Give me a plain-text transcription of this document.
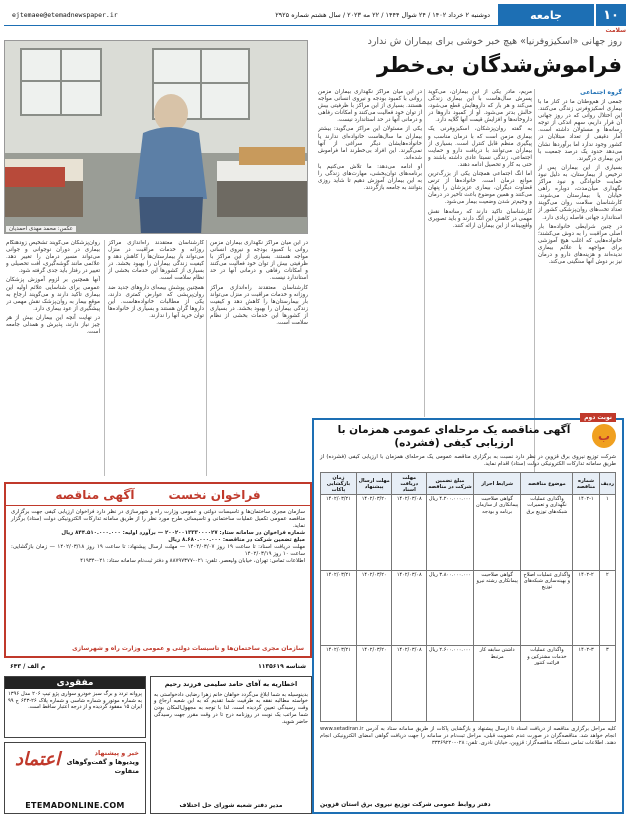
۱۰
جامعه
دوشنبه ۲ خرداد ۱۴۰۲ / ۲۴ شوال ۱۴۴۴ / ۲۲ مه ۲۰۲۳ / سال هشتم شماره ۲۹۲۵
ejtemaee@etemadnewspaper.ir
سلامت
روز جهانی «اسکیزوفرنیا» هیچ خبر خوشی برای بیماران ش ندارد
فراموش‌شدگان بی‌خطر
گروه اجتماعی

جمعی از هم‌وطنان ما در کنار ما با بیماری اسکیزوفرنی زندگی می‌کنند. این اختلال روانی که در روز جهانی آن قرار داریم، سهم اندکی از توجه رسانه‌ها و مسئولان داشته است. آمار دقیقی از تعداد مبتلایان در کشور وجود ندارد اما برآوردها نشان می‌دهد حدود یک درصد جمعیت با این بیماری درگیرند.

بسیاری از این بیماران پس از ترخیص از بیمارستان، به دلیل نبود حمایت خانوادگی و نبود مراکز نگهداری میان‌مدت، دوباره راهی خیابان یا بیمارستان می‌شوند. کارشناسان سلامت روان می‌گویند تعداد تخت‌های روان‌پزشکی کشور از استاندارد جهانی فاصله زیادی دارد.

در چنین شرایطی خانواده‌ها بار اصلی مراقبت را به دوش می‌کشند؛ خانواده‌هایی که اغلب هیچ آموزشی برای مواجهه با علائم بیماری ندیده‌اند و هزینه‌های دارو و درمان نیز بر دوش آنها سنگینی می‌کند.

مریم، مادر یکی از این بیماران، می‌گوید پسرش سال‌هاست با این بیماری زندگی می‌کند و هر بار که داروهایش قطع می‌شود، حالش بدتر می‌شود. او از کمبود داروها در داروخانه‌ها و افزایش قیمت آنها گلایه دارد.

به گفته روان‌پزشکان، اسکیزوفرنی یک بیماری مزمن است که با درمان مناسب و پیگیری منظم قابل کنترل است. بسیاری از بیماران می‌توانند با دریافت دارو و حمایت اجتماعی، زندگی نسبتا عادی داشته باشند و حتی به کار و تحصیل ادامه دهند.

اما انگ اجتماعی همچنان یکی از بزرگ‌ترین موانع درمان است. خانواده‌ها از ترس قضاوت دیگران، بیماری عزیزشان را پنهان می‌کنند و همین موضوع باعث تاخیر در درمان و وخیم‌تر شدن وضعیت بیمار می‌شود.

کارشناسان تاکید دارند که رسانه‌ها نقش مهمی در کاهش این انگ دارند و باید تصویری واقع‌بینانه از این بیماران ارائه کنند.

در این میان مراکز نگهداری بیماران مزمن روانی با کمبود بودجه و نیروی انسانی مواجه هستند. بسیاری از این مراکز با ظرفیتی بیش از توان خود فعالیت می‌کنند و امکانات رفاهی و درمانی آنها در حد استاندارد نیست.

یکی از مسئولان این مراکز می‌گوید: بیشتر بیماران ما سال‌هاست خانواده‌ای ندارند یا خانواده‌هایشان دیگر سراغی از آنها نمی‌گیرند. این افراد بی‌خطرند اما فراموش شده‌اند.

او ادامه می‌دهد: ما تلاش می‌کنیم با برنامه‌های توان‌بخشی، مهارت‌های زندگی را به این بیماران آموزش دهیم تا شاید روزی بتوانند به جامعه بازگردند.

عکس: محمد مهدی احمدیان

کارشناسان معتقدند راه‌اندازی مراکز روزانه و خدمات مراقبت در منزل می‌تواند بار بیمارستان‌ها را کاهش دهد و کیفیت زندگی بیماران را بهبود بخشد. در بسیاری از کشورها این خدمات بخشی از نظام سلامت است.

همچنین پوشش بیمه‌ای داروهای جدید ضد روان‌پریشی که عوارض کمتری دارند، یکی از مطالبات خانواده‌هاست. این داروها گران هستند و بسیاری از خانواده‌ها توان خرید آنها را ندارند.

روان‌پزشکان می‌گویند تشخیص زودهنگام بیماری در دوران نوجوانی و جوانی می‌تواند مسیر درمان را تغییر دهد. علائمی مانند گوشه‌گیری، افت تحصیلی و تغییر در رفتار باید جدی گرفته شود.

آنها همچنین بر لزوم آموزش پزشکان عمومی برای شناسایی علائم اولیه این بیماری تاکید دارند و می‌گویند ارجاع به موقع بیمار به روان‌پزشک نقش مهمی در پیشگیری از عود بیماری دارد.

در نهایت آنچه این بیماران بیش از هر چیز نیاز دارند، پذیرش و همدلی جامعه است.

در این میان مراکز نگهداری بیماران مزمن روانی با کمبود بودجه و نیروی انسانی مواجه هستند. بسیاری از این مراکز با ظرفیتی بیش از توان خود فعالیت می‌کنند و امکانات رفاهی و درمانی آنها در حد استاندارد نیست.

کارشناسان معتقدند راه‌اندازی مراکز روزانه و خدمات مراقبت در منزل می‌تواند بار بیمارستان‌ها را کاهش دهد و کیفیت زندگی بیماران را بهبود بخشد. در بسیاری از کشورها این خدمات بخشی از نظام سلامت است.

نوبت دوم
ب
آگهی مناقصه یک مرحله‌ای عمومی همزمان با ارزیابی کیفی (فشرده)
شرکت توزیع نیروی برق قزوین در نظر دارد نسبت به برگزاری مناقصه عمومی یک مرحله‌ای همزمان با ارزیابی کیفی (فشرده) از طریق سامانه تدارکات الکترونیکی دولت (ستاد) اقدام نماید.
ردیف	شماره مناقصه	موضوع مناقصه	شرایط احراز	مبلغ تضمین شرکت در مناقصه	مهلت دریافت اسناد	مهلت ارسال پیشنهاد	زمان بازگشایی پاکات
۱	۱۴۰۲-۱	واگذاری عملیات نگهداری و تعمیرات شبکه‌های توزیع برق	گواهی صلاحیت پیمانکاری از سازمان برنامه و بودجه	۴.۲۰۰.۰۰۰.۰۰۰ ریال	۱۴۰۲/۰۳/۰۸	۱۴۰۲/۰۳/۲۰	۱۴۰۲/۰۳/۲۱
۲	۱۴۰۲-۲	واگذاری عملیات اصلاح و بهینه‌سازی شبکه‌های توزیع	گواهی صلاحیت پیمانکاری رشته نیرو	۳.۸۰۰.۰۰۰.۰۰۰ ریال	۱۴۰۲/۰۳/۰۸	۱۴۰۲/۰۳/۲۰	۱۴۰۲/۰۳/۲۱
۳	۱۴۰۲-۳	واگذاری عملیات خدمات مشترکین و قرائت کنتور	داشتن سابقه کار مرتبط	۲.۶۰۰.۰۰۰.۰۰۰ ریال	۱۴۰۲/۰۳/۰۸	۱۴۰۲/۰۳/۲۰	۱۴۰۲/۰۳/۲۱
کلیه مراحل برگزاری مناقصه از دریافت اسناد تا ارسال پیشنهاد و بازگشایی پاکات از طریق سامانه ستاد به آدرس www.setadiran.ir انجام خواهد شد. مناقصه‌گران در صورت عدم عضویت قبلی، مراحل ثبت‌نام در سامانه را جهت دریافت گواهی امضای الکترونیکی انجام دهند. اطلاعات تماس دستگاه مناقصه‌گزار: قزوین، خیابان نادری. تلفن: ۰۲۸-۳۳۳۶۹۲۲۰
دفتر روابط عمومی شرکت توزیع نیروی برق استان قزوین
فراخوان نخست
آگهی مناقصه

سازمان مجری ساختمان‌ها و تاسیسات دولتی و عمومی وزارت راه و شهرسازی در نظر دارد فراخوان ارزیابی کیفی جهت برگزاری مناقصه عمومی تکمیل عملیات ساختمانی و تاسیساتی طرح مورد نظر را از طریق سامانه تدارکات الکترونیکی دولت (ستاد) برگزار نماید.

شماره فراخوان در سامانه ستاد: ۲۰۰۲۰۰۱۳۳۳۰۰۰۰۲۷ — برآورد اولیه: ۸۴۴.۵۱۰.۰۰۰.۰۰۰ ریال

مبلغ تضمین شرکت در مناقصه: ۸.۶۸۰.۰۰۰.۰۰۰ ریال

مهلت دریافت اسناد: تا ساعت ۱۹ روز ۱۴۰۲/۰۳/۰۷ — مهلت ارسال پیشنهاد: تا ساعت ۱۹ روز ۱۴۰۲/۰۳/۱۸ — زمان بازگشایی: ساعت ۱۰ روز ۱۴۰۲/۰۳/۱۹

اطلاعات تماس: تهران، خیابان ولیعصر. تلفن: ۰۲۱-۸۸۷۹۷۳۷۷ و دفتر ثبت‌نام سامانه ستاد: ۰۲۱-۴۱۹۳۴

سازمان مجری ساختمان‌ها و تاسیسات دولتی و عمومی وزارت راه و شهرسازی
شناسه ۱۱۳۵۶۱۹
م الف / ۶۴۳
مفقودی
پروانه تردد و برگ سبز خودرو سواری پژو تیپ ۲۰۶ مدل ۱۳۹۶ به شماره موتور و شماره شاسی و شماره پلاک ۲۶-۶۴۳ ج ۹۹ ایران ۱۵ مفقود گردیده و از درجه اعتبار ساقط است.
اخطاریه به آقای حامد سلیمی فرزند رحیم
بدینوسیله به شما ابلاغ می‌گردد خواهان خانم زهرا رضایی دادخواستی به خواسته مطالبه نفقه به طرفیت شما تقدیم که به این شعبه ارجاع و وقت رسیدگی تعیین گردیده است. لذا با توجه به مجهول‌المکان بودن شما مراتب یک نوبت در روزنامه درج تا در وقت مقرر جهت رسیدگی حاضر شوید.
مدیر دفتر شعبه شورای حل اختلاف
اعتماد	خبر و پیشنهاد
ویدیوها و گفت‌وگوهای
متفاوت
ETEMADONLINE.COM
